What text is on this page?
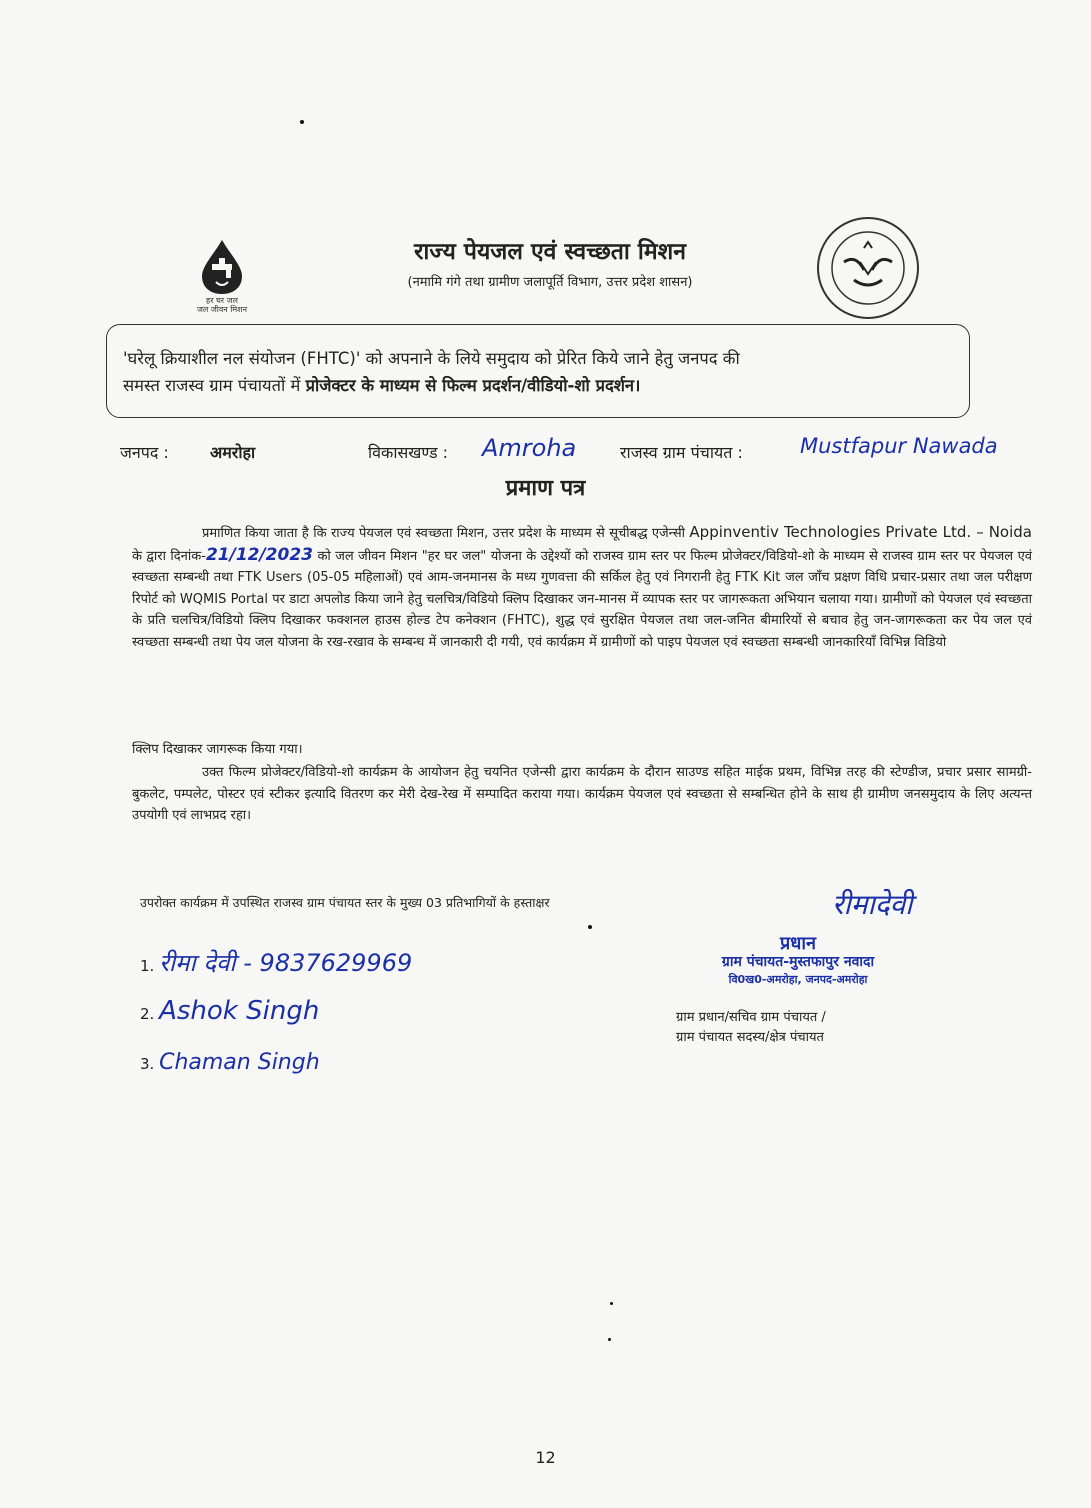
हर घर जल
जल जीवन मिशन
राज्य पेयजल एवं स्वच्छता मिशन
(नमामि गंगे तथा ग्रामीण जलापूर्ति विभाग, उत्तर प्रदेश शासन)
'घरेलू क्रियाशील नल संयोजन (FHTC)' को अपनाने के लिये समुदाय को प्रेरित किये जाने हेतु जनपद की
समस्त राजस्व ग्राम पंचायतों में प्रोजेक्टर के माध्यम से फिल्म प्रदर्शन/वीडियो-शो प्रदर्शन।
जनपद :	अमरोहा	विकासखण्ड : Amroha	राजस्व ग्राम पंचायत :	Mustfapur Nawada
प्रमाण पत्र
प्रमाणित किया जाता है कि राज्य पेयजल एवं स्वच्छता मिशन, उत्तर प्रदेश के माध्यम से सूचीबद्ध एजेन्सी Appinventiv Technologies Private Ltd. – Noida के द्वारा दिनांक-21/12/2023 को जल जीवन मिशन "हर घर जल" योजना के उद्देश्यों को राजस्व ग्राम स्तर पर फिल्म प्रोजेक्टर/विडियो-शो के माध्यम से राजस्व ग्राम स्तर पर पेयजल एवं स्वच्छता सम्बन्धी तथा FTK Users (05-05 महिलाओं) एवं आम-जनमानस के मध्य गुणवत्ता की सर्किल हेतु एवं निगरानी हेतु FTK Kit जल जाँच प्रक्षण विधि प्रचार-प्रसार तथा जल परीक्षण रिपोर्ट को WQMIS Portal पर डाटा अपलोड किया जाने हेतु चलचित्र/विडियो क्लिप दिखाकर जन-मानस में व्यापक स्तर पर जागरूकता अभियान चलाया गया। ग्रामीणों को पेयजल एवं स्वच्छता के प्रति चलचित्र/विडियो क्लिप दिखाकर फक्शनल हाउस होल्ड टेप कनेक्शन (FHTC), शुद्ध एवं सुरक्षित पेयजल तथा जल-जनित बीमारियों से बचाव हेतु जन-जागरूकता कर पेय जल एवं स्वच्छता सम्बन्धी तथा पेय जल योजना के रख-रखाव के सम्बन्ध में जानकारी दी गयी, एवं कार्यक्रम में ग्रामीणों को पाइप पेयजल एवं स्वच्छता सम्बन्धी जानकारियाँ विभिन्न विडियो
क्लिप दिखाकर जागरूक किया गया।
उक्त फिल्म प्रोजेक्टर/विडियो-शो कार्यक्रम के आयोजन हेतु चयनित एजेन्सी द्वारा कार्यक्रम के दौरान साउण्ड सहित माईक प्रथम, विभिन्न तरह की स्टेण्डीज, प्रचार प्रसार सामग्री-बुकलेट, पम्पलेट, पोस्टर एवं स्टीकर इत्यादि वितरण कर मेरी देख-रेख में सम्पादित कराया गया। कार्यक्रम पेयजल एवं स्वच्छता से सम्बन्धित होने के साथ ही ग्रामीण जनसमुदाय के लिए अत्यन्त उपयोगी एवं लाभप्रद रहा।
उपरोक्त कार्यक्रम में उपस्थित राजस्व ग्राम पंचायत स्तर के मुख्य 03 प्रतिभागियों के हस्ताक्षर
1. रीमा देवी - 9837629969
2. Ashok Singh
3. Chaman Singh
रीमादेवी
प्रधान
ग्राम पंचायत-मुस्तफापुर नवादा
वि0ख0-अमरोहा, जनपद-अमरोहा
ग्राम प्रधान/सचिव ग्राम पंचायत /
ग्राम पंचायत सदस्य/क्षेत्र पंचायत
12
